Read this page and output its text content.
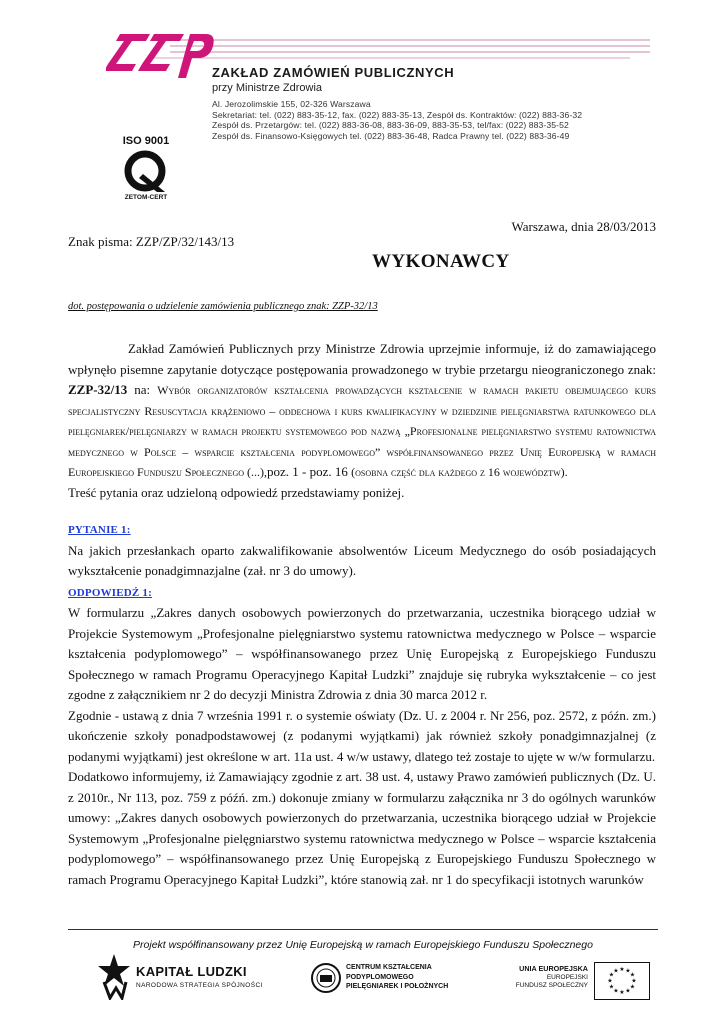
zzp
ZAKŁAD ZAMÓWIEŃ PUBLICZNYCH
przy Ministrze Zdrowia
Al. Jerozolimskie 155, 02-326 Warszawa
Sekretariat: tel. (022) 883-35-12, fax. (022) 883-35-13, Zespół ds. Kontraktów: (022) 883-36-32
Zespół ds. Przetargów: tel. (022) 883-36-08, 883-36-09, 883-35-53, tel/fax: (022) 883-35-52
Zespół ds. Finansowo-Księgowych tel. (022) 883-36-48, Radca Prawny tel. (022) 883-36-49
ISO 9001
ZETOM-CERT
Warszawa, dnia 28/03/2013
Znak pisma: ZZP/ZP/32/143/13
WYKONAWCY
dot. postępowania o udzielenie zamówienia publicznego znak: ZZP-32/13

Zakład Zamówień Publicznych przy Ministrze Zdrowia uprzejmie informuje, iż do zamawiającego wpłynęło pisemne zapytanie dotyczące postępowania prowadzonego w trybie przetargu nieograniczonego znak: ZZP-32/13 na: Wybór organizatorów kształcenia prowadzących kształcenie w ramach pakietu obejmującego kurs specjalistyczny Resuscytacja krążeniowo – oddechowa i kurs kwalifikacyjny w dziedzinie pielęgniarstwa ratunkowego dla pielęgniarek/pielęgniarzy w ramach projektu systemowego pod nazwą „Profesjonalne pielęgniarstwo systemu ratownictwa medycznego w Polsce – wsparcie kształcenia podyplomowego” współfinansowanego przez Unię Europejską w ramach Europejskiego Funduszu Społecznego (...),poz. 1 - poz. 16 (osobna część dla każdego z 16 województw).

Treść pytania oraz udzieloną odpowiedź przedstawiamy poniżej.

PYTANIE 1:

Na jakich przesłankach oparto zakwalifikowanie absolwentów Liceum Medycznego do osób posiadających wykształcenie ponadgimnazjalne (zał. nr 3 do umowy).

ODPOWIEDŹ 1:

W formularzu „Zakres danych osobowych powierzonych do przetwarzania, uczestnika biorącego udział w Projekcie Systemowym „Profesjonalne pielęgniarstwo systemu ratownictwa medycznego w Polsce – wsparcie kształcenia podyplomowego” – współfinansowanego przez Unię Europejską z Europejskiego Funduszu Społecznego w ramach Programu Operacyjnego Kapitał Ludzki” znajduje się rubryka wykształcenie – co jest zgodne z załącznikiem nr 2 do decyzji Ministra Zdrowia z dnia 30 marca 2012 r.

Zgodnie - ustawą z dnia 7 września 1991 r. o systemie oświaty (Dz. U. z 2004 r. Nr 256, poz. 2572, z późn. zm.) ukończenie szkoły ponadpodstawowej (z podanymi wyjątkami) jak również szkoły ponadgimnazjalnej (z podanymi wyjątkami) jest określone w art. 11a ust. 4 w/w ustawy, dlatego też zostaje to ujęte w w/w formularzu.

Dodatkowo informujemy, iż Zamawiający zgodnie z art. 38 ust. 4, ustawy Prawo zamówień publicznych (Dz. U. z 2010r., Nr 113, poz. 759 z późń. zm.) dokonuje zmiany w formularzu załącznika nr 3 do ogólnych warunków umowy: „Zakres danych osobowych powierzonych do przetwarzania, uczestnika biorącego udział w Projekcie Systemowym „Profesjonalne pielęgniarstwo systemu ratownictwa medycznego w Polsce – wsparcie kształcenia podyplomowego” – współfinansowanego przez Unię Europejską z Europejskiego Funduszu Społecznego w ramach Programu Operacyjnego Kapitał Ludzki”, które stanowią zał. nr 1 do specyfikacji istotnych warunków

Projekt współfinansowany przez Unię Europejską w ramach Europejskiego Funduszu Społecznego
KAPITAŁ LUDZKI
NARODOWA STRATEGIA SPÓJNOŚCI
CENTRUM KSZTAŁCENIA
PODYPLOMOWEGO
PIELĘGNIAREK I POŁOŻNYCH
UNIA EUROPEJSKA
EUROPEJSKI
FUNDUSZ SPOŁECZNY
★ ★
★
★
★
★
★
★
★
★
★
★
